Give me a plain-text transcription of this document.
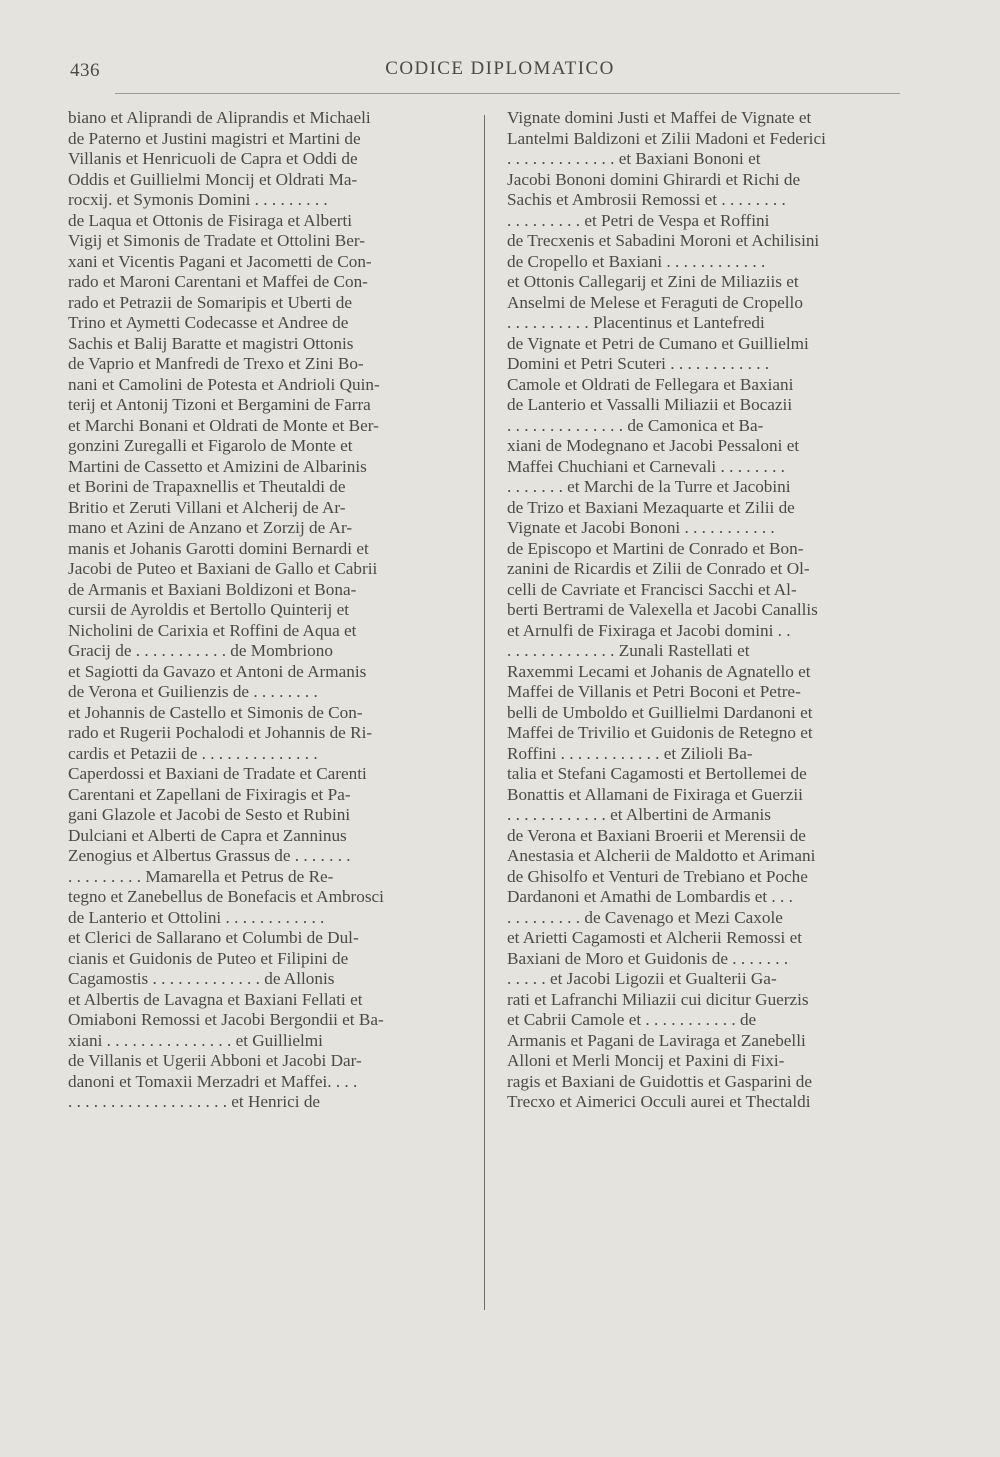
436	CODICE DIPLOMATICO
biano et Aliprandi de Aliprandis et Michaeli
de Paterno et Justini magistri et Martini de
Villanis et Henricuoli de Capra et Oddi de
Oddis et Guillielmi Moncij et Oldrati Ma-
rocxij. et Symonis Domini . . . . . . . . .
de Laqua et Ottonis de Fisiraga et Alberti
Vigij et Simonis de Tradate et Ottolini Ber-
xani et Vicentis Pagani et Jacometti de Con-
rado et Maroni Carentani et Maffei de Con-
rado et Petrazii de Somaripis et Uberti de
Trino et Aymetti Codecasse et Andree de
Sachis et Balij Baratte et magistri Ottonis
de Vaprio et Manfredi de Trexo et Zini Bo-
nani et Camolini de Potesta et Andrioli Quin-
terij et Antonij Tizoni et Bergamini de Farra
et Marchi Bonani et Oldrati de Monte et Ber-
gonzini Zuregalli et Figarolo de Monte et
Martini de Cassetto et Amizini de Albarinis
et Borini de Trapaxnellis et Theutaldi de
Britio et Zeruti Villani et Alcherij de Ar-
mano et Azini de Anzano et Zorzij de Ar-
manis et Johanis Garotti domini Bernardi et
Jacobi de Puteo et Baxiani de Gallo et Cabrii
de Armanis et Baxiani Boldizoni et Bona-
cursii de Ayroldis et Bertollo Quinterij et
Nicholini de Carixia et Roffini de Aqua et
Gracij de . . . . . . . . . . . de Mombriono
et Sagiotti da Gavazo et Antoni de Armanis
de Verona et Guilienzis de . . . . . . . .
et Johannis de Castello et Simonis de Con-
rado et Rugerii Pochalodi et Johannis de Ri-
cardis et Petazii de . . . . . . . . . . . . . .
Caperdossi et Baxiani de Tradate et Carenti
Carentani et Zapellani de Fixiragis et Pa-
gani Glazole et Jacobi de Sesto et Rubini
Dulciani et Alberti de Capra et Zanninus
Zenogius et Albertus Grassus de . . . . . . .
. . . . . . . . . Mamarella et Petrus de Re-
tegno et Zanebellus de Bonefacis et Ambrosci
de Lanterio et Ottolini . . . . . . . . . . . .
et Clerici de Sallarano et Columbi de Dul-
cianis et Guidonis de Puteo et Filipini de
Cagamostis . . . . . . . . . . . . . de Allonis
et Albertis de Lavagna et Baxiani Fellati et
Omiaboni Remossi et Jacobi Bergondii et Ba-
xiani . . . . . . . . . . . . . . . et Guillielmi
de Villanis et Ugerii Abboni et Jacobi Dar-
danoni et Tomaxii Merzadri et Maffei. . . .
. . . . . . . . . . . . . . . . . . . et Henrici de
Vignate domini Justi et Maffei de Vignate et
Lantelmi Baldizoni et Zilii Madoni et Federici
. . . . . . . . . . . . . et Baxiani Bononi et
Jacobi Bononi domini Ghirardi et Richi de
Sachis et Ambrosii Remossi et . . . . . . . .
. . . . . . . . . et Petri de Vespa et Roffini
de Trecxenis et Sabadini Moroni et Achilisini
de Cropello et Baxiani . . . . . . . . . . . .
et Ottonis Callegarij et Zini de Miliaziis et
Anselmi de Melese et Feraguti de Cropello
. . . . . . . . . . Placentinus et Lantefredi
de Vignate et Petri de Cumano et Guillielmi
Domini et Petri Scuteri . . . . . . . . . . . .
Camole et Oldrati de Fellegara et Baxiani
de Lanterio et Vassalli Miliazii et Bocazii
. . . . . . . . . . . . . . de Camonica et Ba-
xiani de Modegnano et Jacobi Pessaloni et
Maffei Chuchiani et Carnevali . . . . . . . .
. . . . . . . et Marchi de la Turre et Jacobini
de Trizo et Baxiani Mezaquarte et Zilii de
Vignate et Jacobi Bononi . . . . . . . . . . .
de Episcopo et Martini de Conrado et Bon-
zanini de Ricardis et Zilii de Conrado et Ol-
celli de Cavriate et Francisci Sacchi et Al-
berti Bertrami de Valexella et Jacobi Canallis
et Arnulfi de Fixiraga et Jacobi domini . .
. . . . . . . . . . . . . Zunali Rastellati et
Raxemmi Lecami et Johanis de Agnatello et
Maffei de Villanis et Petri Boconi et Petre-
belli de Umboldo et Guillielmi Dardanoni et
Maffei de Trivilio et Guidonis de Retegno et
Roffini . . . . . . . . . . . . et Zilioli Ba-
talia et Stefani Cagamosti et Bertollemei de
Bonattis et Allamani de Fixiraga et Guerzii
. . . . . . . . . . . . et Albertini de Armanis
de Verona et Baxiani Broerii et Merensii de
Anestasia et Alcherii de Maldotto et Arimani
de Ghisolfo et Venturi de Trebiano et Poche
Dardanoni et Amathi de Lombardis et . . .
. . . . . . . . . de Cavenago et Mezi Caxole
et Arietti Cagamosti et Alcherii Remossi et
Baxiani de Moro et Guidonis de . . . . . . .
. . . . . et Jacobi Ligozii et Gualterii Ga-
rati et Lafranchi Miliazii cui dicitur Guerzis
et Cabrii Camole et . . . . . . . . . . . de
Armanis et Pagani de Laviraga et Zanebelli
Alloni et Merli Moncij et Paxini di Fixi-
ragis et Baxiani de Guidottis et Gasparini de
Trecxo et Aimerici Occuli aurei et Thectaldi
